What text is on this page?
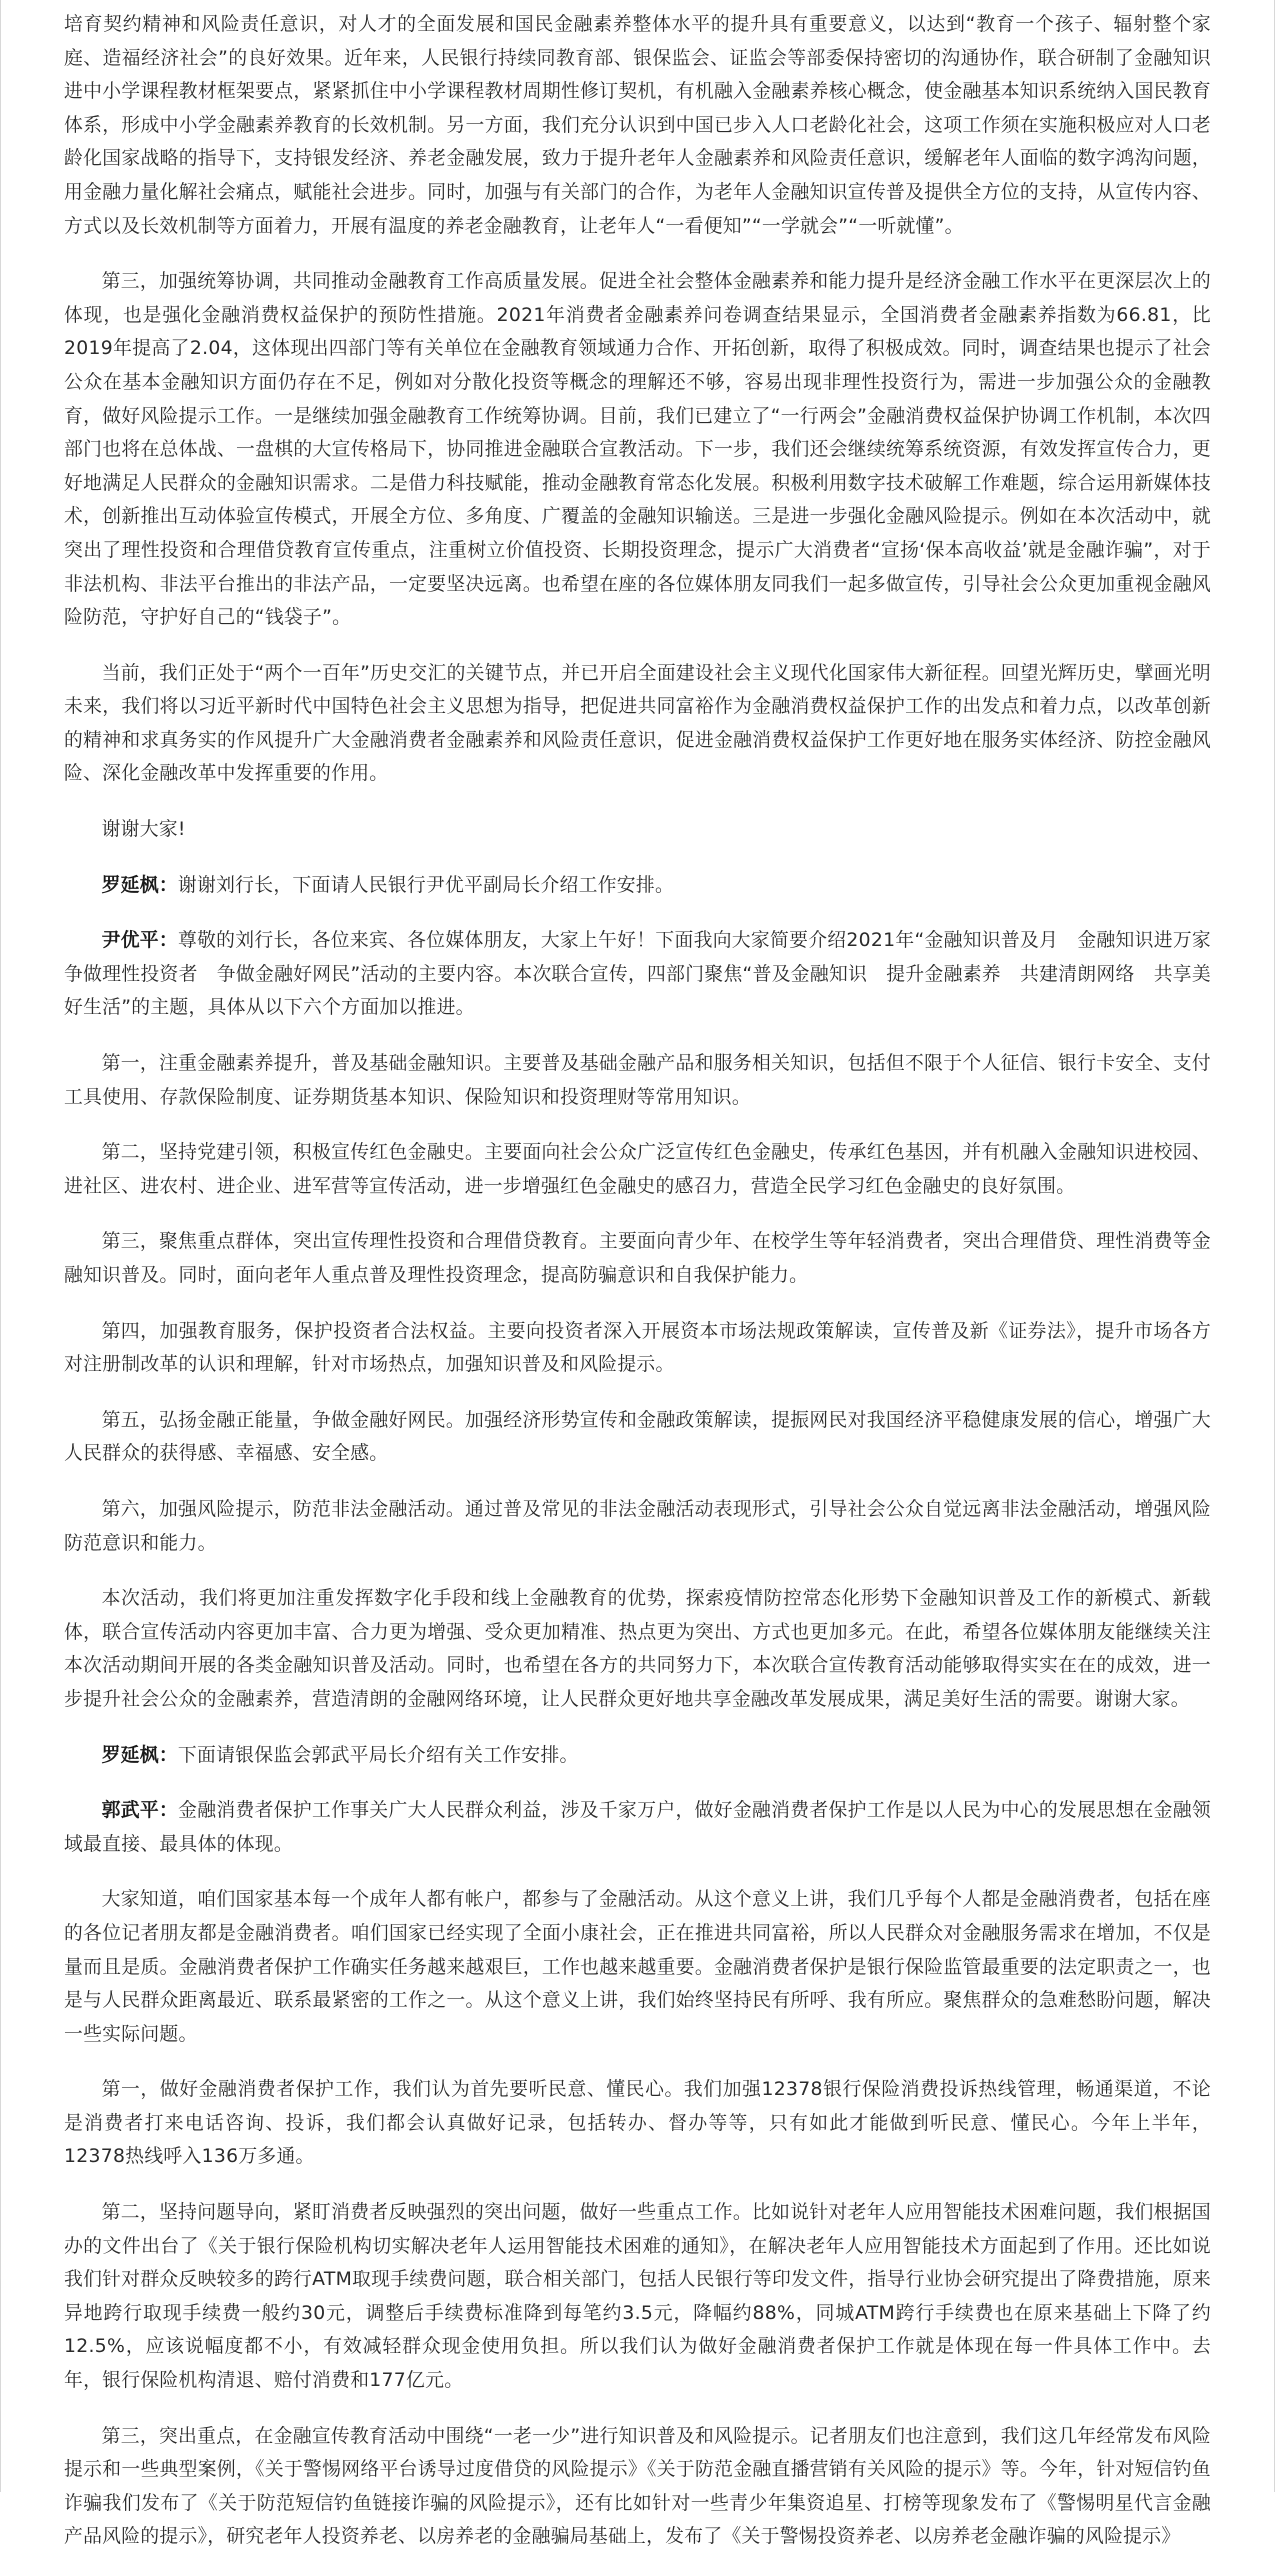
培育契约精神和风险责任意识，对人才的全面发展和国民金融素养整体水平的提升具有重要意义，以达到“教育一个孩子、辐射整个家庭、造福经济社会”的良好效果。近年来，人民银行持续同教育部、银保监会、证监会等部委保持密切的沟通协作，联合研制了金融知识进中小学课程教材框架要点，紧紧抓住中小学课程教材周期性修订契机，有机融入金融素养核心概念，使金融基本知识系统纳入国民教育体系，形成中小学金融素养教育的长效机制。另一方面，我们充分认识到中国已步入人口老龄化社会，这项工作须在实施积极应对人口老龄化国家战略的指导下，支持银发经济、养老金融发展，致力于提升老年人金融素养和风险责任意识，缓解老年人面临的数字鸿沟问题，用金融力量化解社会痛点，赋能社会进步。同时，加强与有关部门的合作，为老年人金融知识宣传普及提供全方位的支持，从宣传内容、方式以及长效机制等方面着力，开展有温度的养老金融教育，让老年人“一看便知”“一学就会”“一听就懂”。

第三，加强统筹协调，共同推动金融教育工作高质量发展。促进全社会整体金融素养和能力提升是经济金融工作水平在更深层次上的体现，也是强化金融消费权益保护的预防性措施。2021年消费者金融素养问卷调查结果显示，全国消费者金融素养指数为66.81，比2019年提高了2.04，这体现出四部门等有关单位在金融教育领域通力合作、开拓创新，取得了积极成效。同时，调查结果也提示了社会公众在基本金融知识方面仍存在不足，例如对分散化投资等概念的理解还不够，容易出现非理性投资行为，需进一步加强公众的金融教育，做好风险提示工作。一是继续加强金融教育工作统筹协调。目前，我们已建立了“一行两会”金融消费权益保护协调工作机制，本次四部门也将在总体战、一盘棋的大宣传格局下，协同推进金融联合宣教活动。下一步，我们还会继续统筹系统资源，有效发挥宣传合力，更好地满足人民群众的金融知识需求。二是借力科技赋能，推动金融教育常态化发展。积极利用数字技术破解工作难题，综合运用新媒体技术，创新推出互动体验宣传模式，开展全方位、多角度、广覆盖的金融知识输送。三是进一步强化金融风险提示。例如在本次活动中，就突出了理性投资和合理借贷教育宣传重点，注重树立价值投资、长期投资理念，提示广大消费者“宣扬‘保本高收益’就是金融诈骗”，对于非法机构、非法平台推出的非法产品，一定要坚决远离。也希望在座的各位媒体朋友同我们一起多做宣传，引导社会公众更加重视金融风险防范，守护好自己的“钱袋子”。

当前，我们正处于“两个一百年”历史交汇的关键节点，并已开启全面建设社会主义现代化国家伟大新征程。回望光辉历史，擘画光明未来，我们将以习近平新时代中国特色社会主义思想为指导，把促进共同富裕作为金融消费权益保护工作的出发点和着力点，以改革创新的精神和求真务实的作风提升广大金融消费者金融素养和风险责任意识，促进金融消费权益保护工作更好地在服务实体经济、防控金融风险、深化金融改革中发挥重要的作用。

谢谢大家!

罗延枫：谢谢刘行长，下面请人民银行尹优平副局长介绍工作安排。

尹优平：尊敬的刘行长，各位来宾、各位媒体朋友，大家上午好！下面我向大家简要介绍2021年“金融知识普及月　金融知识进万家　争做理性投资者　争做金融好网民”活动的主要内容。本次联合宣传，四部门聚焦“普及金融知识　提升金融素养　共建清朗网络　共享美好生活”的主题，具体从以下六个方面加以推进。

第一，注重金融素养提升，普及基础金融知识。主要普及基础金融产品和服务相关知识，包括但不限于个人征信、银行卡安全、支付工具使用、存款保险制度、证券期货基本知识、保险知识和投资理财等常用知识。

第二，坚持党建引领，积极宣传红色金融史。主要面向社会公众广泛宣传红色金融史，传承红色基因，并有机融入金融知识进校园、进社区、进农村、进企业、进军营等宣传活动，进一步增强红色金融史的感召力，营造全民学习红色金融史的良好氛围。

第三，聚焦重点群体，突出宣传理性投资和合理借贷教育。主要面向青少年、在校学生等年轻消费者，突出合理借贷、理性消费等金融知识普及。同时，面向老年人重点普及理性投资理念，提高防骗意识和自我保护能力。

第四，加强教育服务，保护投资者合法权益。主要向投资者深入开展资本市场法规政策解读，宣传普及新《证券法》，提升市场各方对注册制改革的认识和理解，针对市场热点，加强知识普及和风险提示。

第五，弘扬金融正能量，争做金融好网民。加强经济形势宣传和金融政策解读，提振网民对我国经济平稳健康发展的信心，增强广大人民群众的获得感、幸福感、安全感。

第六，加强风险提示，防范非法金融活动。通过普及常见的非法金融活动表现形式，引导社会公众自觉远离非法金融活动，增强风险防范意识和能力。

本次活动，我们将更加注重发挥数字化手段和线上金融教育的优势，探索疫情防控常态化形势下金融知识普及工作的新模式、新载体，联合宣传活动内容更加丰富、合力更为增强、受众更加精准、热点更为突出、方式也更加多元。在此，希望各位媒体朋友能继续关注本次活动期间开展的各类金融知识普及活动。同时，也希望在各方的共同努力下，本次联合宣传教育活动能够取得实实在在的成效，进一步提升社会公众的金融素养，营造清朗的金融网络环境，让人民群众更好地共享金融改革发展成果，满足美好生活的需要。谢谢大家。

罗延枫：下面请银保监会郭武平局长介绍有关工作安排。

郭武平：金融消费者保护工作事关广大人民群众利益，涉及千家万户，做好金融消费者保护工作是以人民为中心的发展思想在金融领域最直接、最具体的体现。

大家知道，咱们国家基本每一个成年人都有帐户，都参与了金融活动。从这个意义上讲，我们几乎每个人都是金融消费者，包括在座的各位记者朋友都是金融消费者。咱们国家已经实现了全面小康社会，正在推进共同富裕，所以人民群众对金融服务需求在增加，不仅是量而且是质。金融消费者保护工作确实任务越来越艰巨，工作也越来越重要。金融消费者保护是银行保险监管最重要的法定职责之一，也是与人民群众距离最近、联系最紧密的工作之一。从这个意义上讲，我们始终坚持民有所呼、我有所应。聚焦群众的急难愁盼问题，解决一些实际问题。

第一，做好金融消费者保护工作，我们认为首先要听民意、懂民心。我们加强12378银行保险消费投诉热线管理，畅通渠道，不论是消费者打来电话咨询、投诉，我们都会认真做好记录，包括转办、督办等等，只有如此才能做到听民意、懂民心。今年上半年，12378热线呼入136万多通。

第二，坚持问题导向，紧盯消费者反映强烈的突出问题，做好一些重点工作。比如说针对老年人应用智能技术困难问题，我们根据国办的文件出台了《关于银行保险机构切实解决老年人运用智能技术困难的通知》，在解决老年人应用智能技术方面起到了作用。还比如说我们针对群众反映较多的跨行ATM取现手续费问题，联合相关部门，包括人民银行等印发文件，指导行业协会研究提出了降费措施，原来异地跨行取现手续费一般约30元，调整后手续费标准降到每笔约3.5元，降幅约88%，同城ATM跨行手续费也在原来基础上下降了约12.5%，应该说幅度都不小，有效减轻群众现金使用负担。所以我们认为做好金融消费者保护工作就是体现在每一件具体工作中。去年，银行保险机构清退、赔付消费和177亿元。

第三，突出重点，在金融宣传教育活动中围绕“一老一少”进行知识普及和风险提示。记者朋友们也注意到，我们这几年经常发布风险提示和一些典型案例，《关于警惕网络平台诱导过度借贷的风险提示》《关于防范金融直播营销有关风险的提示》等。今年，针对短信钓鱼诈骗我们发布了《关于防范短信钓鱼链接诈骗的风险提示》，还有比如针对一些青少年集资追星、打榜等现象发布了《警惕明星代言金融产品风险的提示》，研究老年人投资养老、以房养老的金融骗局基础上，发布了《关于警惕投资养老、以房养老金融诈骗的风险提示》
